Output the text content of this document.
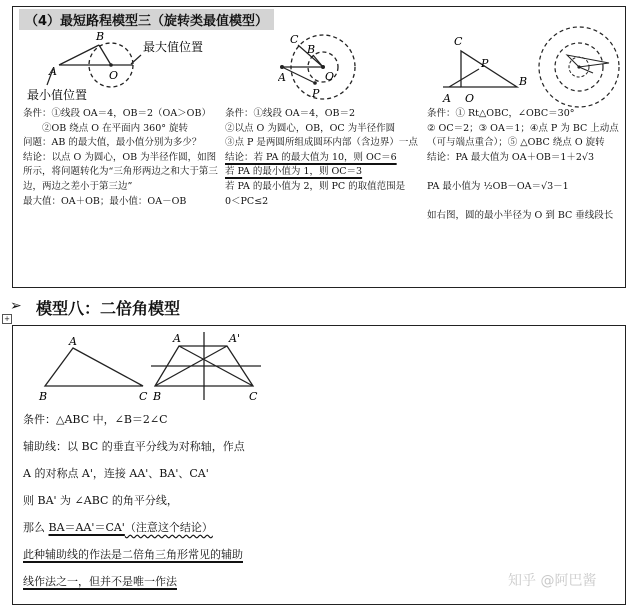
（4）最短路程模型三（旋转类最值模型）
A
B
O
最大值位置
最小值位置
C
B
A	O
P
C
A O
B
P

条件：①线段 OA＝4，OB＝2（OA＞OB）

　　②OB 绕点 O 在平面内 360° 旋转

问题：AB 的最大值，最小值分别为多少？

结论：以点 O 为圆心，OB 为半径作圆，如图

所示，将问题转化为“三角形两边之和大于第三

边，两边之差小于第三边”

最大值：OA＋OB；最小值：OA－OB

条件：①线段 OA＝4，OB＝2

②以点 O 为圆心，OB，OC 为半径作圆

③点 P 是两圆所组成圆环内部（含边界）一点

结论：若 PA 的最大值为 10，则 OC＝6

若 PA 的最小值为 1，则 OC＝3

若 PA 的最小值为 2，则 PC 的取值范围是

0＜PC≤2

条件：① Rt△OBC，∠OBC＝30°

② OC＝2；③ OA＝1；④点 P 为 BC 上动点

（可与端点重合）；⑤ △OBC 绕点 O 旋转

结论：PA 最大值为 OA＋OB＝1＋2√3

PA 最小值为 ½OB－OA＝√3－1

如右图，圆的最小半径为 O 到 BC 垂线段长

➢ 模型八：二倍角模型
+
A
B	C
A	A'
B	C

条件：△ABC 中，∠B＝2∠C

辅助线：以 BC 的垂直平分线为对称轴，作点

A 的对称点 A'，连接 AA'、BA'、CA'

则 BA' 为 ∠ABC 的角平分线，

那么 BA＝AA'＝CA'（注意这个结论）

此种辅助线的作法是二倍角三角形常见的辅助

线作法之一，但并不是唯一作法	知乎 @阿巴酱
